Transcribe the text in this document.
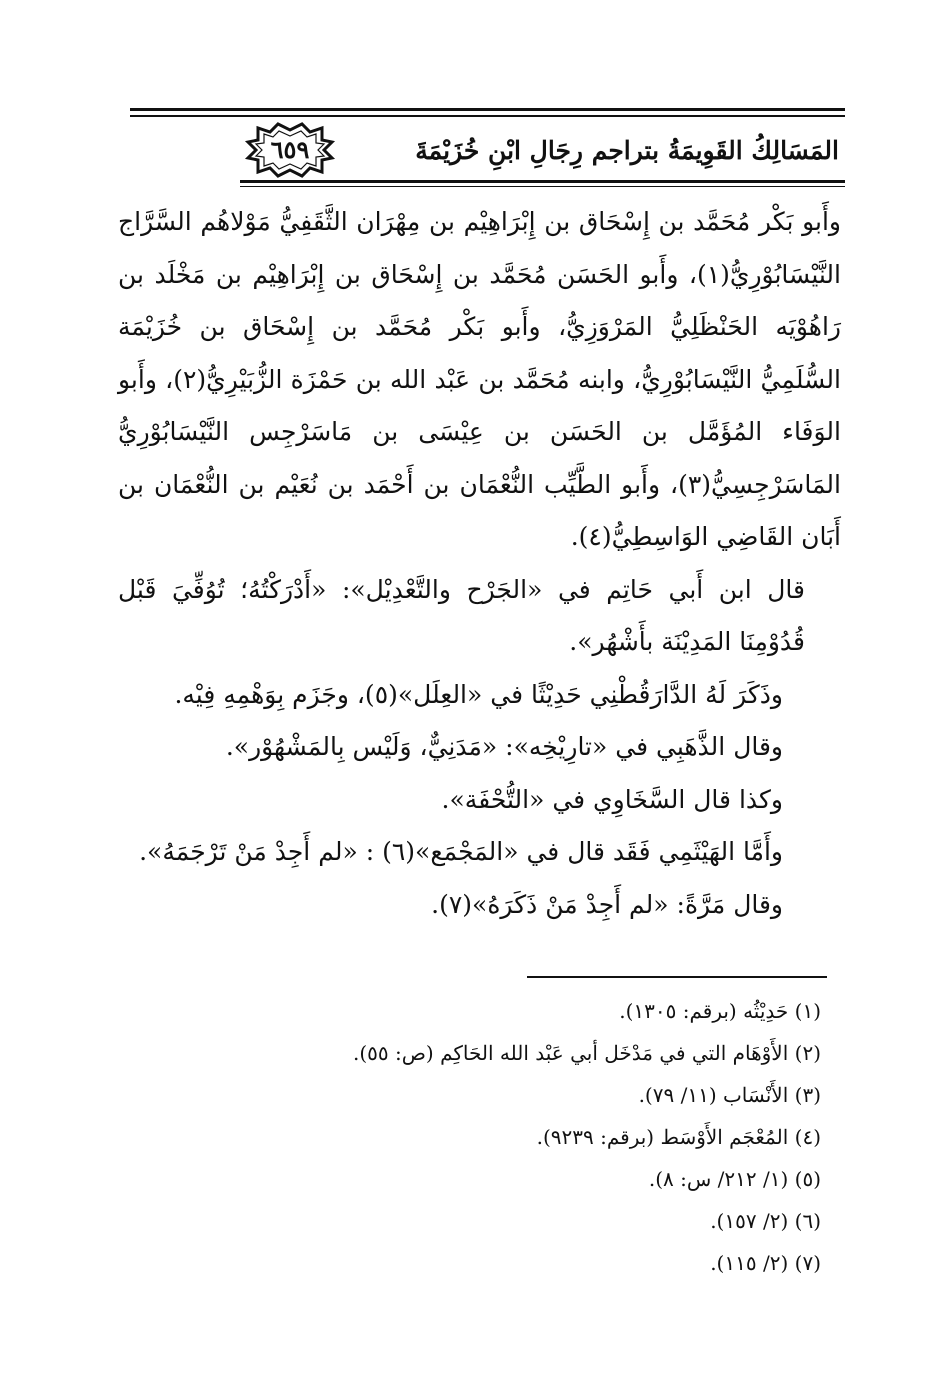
٦٥٩	المَسَالِكُ القَوِيمَةُ بتراجم رِجَالِ ابْنِ خُزَيْمَةَ

وأَبو بَكْر مُحَمَّد بن إِسْحَاق بن إِبْرَاهِيْم بن مِهْرَان الثَّقَفِيُّ مَوْلاهُم السَّرَّاج النَّيْسَابُوْرِيُّ(١)، وأَبو الحَسَن مُحَمَّد بن إِسْحَاق بن إِبْرَاهِيْم بن مَخْلَد بن رَاهُوْيَه الحَنْظَلِيُّ المَرْوَزِيُّ، وأَبو بَكْر مُحَمَّد بن إِسْحَاق بن خُزَيْمَة السُّلَمِيُّ النَّيْسَابُوْرِيُّ، وابنه مُحَمَّد بن عَبْد الله بن حَمْزَة الزُّبَيْرِيُّ(٢)، وأَبو الوَفَاء المُؤَمَّل بن الحَسَن بن عِيْسَى بن مَاسَرْجِس النَّيْسَابُوْرِيُّ المَاسَرْجِسِيُّ(٣)، وأَبو الطَّيِّب النُّعْمَان بن أَحْمَد بن نُعَيْم بن النُّعْمَان بن أَبَان القَاضِي الوَاسِطِيُّ(٤).

قال ابن أَبي حَاتِم في «الجَرْح والتَّعْدِيْل»: «أَدْرَكْتُهُ؛ تُوُفِّيَ قَبْل قُدُوْمِنَا المَدِيْنَة بأَشْهُر».

وذَكَرَ لَهُ الدَّارَقُطْنِي حَدِيْثًا في «العِلَل»(٥)، وجَزَم بِوَهْمِهِ فِيْه.

وقال الذَّهَبِي في «تارِيْخِه»: «مَدَنِيٌّ، وَلَيْس بِالمَشْهُوْر».

وكذا قال السَّخَاوِي في «التُّحْفَة».

وأَمَّا الهَيْثَمِي فَقَد قال في «المَجْمَع»(٦) : «لم أَجِدْ مَنْ تَرْجَمَهُ».

وقال مَرَّةً: «لم أَجِدْ مَنْ ذَكَرَهُ»(٧).

(١) حَدِيْثُه (برقم: ١٣٠٥).
(٢) الأَوْهَام التي في مَدْخَل أبي عَبْد الله الحَاكِم (ص: ٥٥).
(٣) الأَنْسَاب (١١/ ٧٩).
(٤) المُعْجَم الأَوْسَط (برقم: ٩٢٣٩).
(٥) (١/ ٢١٢/ س: ٨).
(٦) (٢/ ١٥٧).
(٧) (٢/ ١١٥).
